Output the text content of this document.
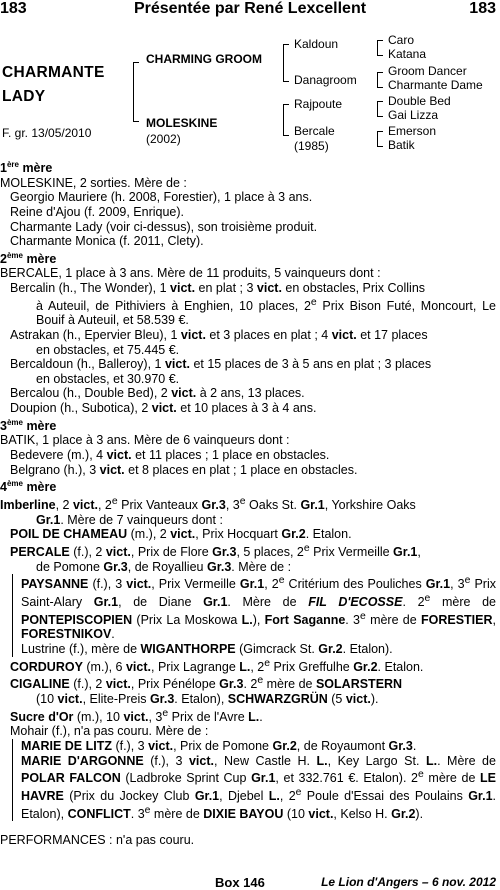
183	Présentée par René Lexcellent	183
CHARMANTE
LADY
F. gr. 13/05/2010
CHARMING GROOM
MOLESKINE
(2002)
Kaldoun
Danagroom
Rajpoute
Bercale
(1985)
Caro
Katana
Groom Dancer
Charmante Dame
Double Bed
Gai Lizza
Emerson
Batik

1ère mère

MOLESKINE, 2 sorties. Mère de :

Georgio Mauriere (h. 2008, Forestier), 1 place à 3 ans.

Reine d'Ajou (f. 2009, Enrique).

Charmante Lady (voir ci-dessus), son troisième produit.

Charmante Monica (f. 2011, Clety).

2ème mère

BERCALE, 1 place à 3 ans. Mère de 11 produits, 5 vainqueurs dont :

Bercalin (h., The Wonder), 1 vict. en plat ; 3 vict. en obstacles, Prix Collins

à Auteuil, de Pithiviers à Enghien, 10 places, 2e Prix Bison Futé, Moncourt, Le Bouif à Auteuil, et 58.539 €.

Astrakan (h., Epervier Bleu), 1 vict. et 3 places en plat ; 4 vict. et 17 places

en obstacles, et 75.445 €.

Bercaldoun (h., Balleroy), 1 vict. et 15 places de 3 à 5 ans en plat ; 3 places

en obstacles, et 30.970 €.

Bercalou (h., Double Bed), 2 vict. à 2 ans, 13 places.

Doupion (h., Subotica), 2 vict. et 10 places à 3 à 4 ans.

3ème mère

BATIK, 1 place à 3 ans. Mère de 6 vainqueurs dont :

Bedevere (m.), 4 vict. et 11 places ; 1 place en obstacles.

Belgrano (h.), 3 vict. et 8 places en plat ; 1 place en obstacles.

4ème mère

Imberline, 2 vict., 2e Prix Vanteaux Gr.3, 3e Oaks St. Gr.1, Yorkshire Oaks

Gr.1. Mère de 7 vainqueurs dont :

POIL DE CHAMEAU (m.), 2 vict., Prix Hocquart Gr.2. Etalon.

PERCALE (f.), 2 vict., Prix de Flore Gr.3, 5 places, 2e Prix Vermeille Gr.1,

de Pomone Gr.3, de Royallieu Gr.3. Mère de :

PAYSANNE (f.), 3 vict., Prix Vermeille Gr.1, 2e Critérium des Pouliches Gr.1, 3e Prix Saint-Alary Gr.1, de Diane Gr.1. Mère de FIL D'ECOSSE. 2e mère de PONTEPISCOPIEN (Prix La Moskowa L.), Fort Saganne. 3e mère de FORESTIER, FORESTNIKOV.

Lustrine (f.), mère de WIGANTHORPE (Gimcrack St. Gr.2. Etalon).

CORDUROY (m.), 6 vict., Prix Lagrange L., 2e Prix Greffulhe Gr.2. Etalon.

CIGALINE (f.), 2 vict., Prix Pénélope Gr.3. 2e mère de SOLARSTERN

(10 vict., Elite-Preis Gr.3. Etalon), SCHWARZGRÜN (5 vict.).

Sucre d'Or (m.), 10 vict., 3e Prix de l'Avre L..

Mohair (f.), n'a pas couru. Mère de :

MARIE DE LITZ (f.), 3 vict., Prix de Pomone Gr.2, de Royaumont Gr.3.

MARIE D'ARGONNE (f.), 3 vict., New Castle H. L., Key Largo St. L.. Mère de POLAR FALCON (Ladbroke Sprint Cup Gr.1, et 332.761 €. Etalon). 2e mère de LE HAVRE (Prix du Jockey Club Gr.1, Djebel L., 2e Poule d'Essai des Poulains Gr.1. Etalon), CONFLICT. 3e mère de DIXIE BAYOU (10 vict., Kelso H. Gr.2).

PERFORMANCES : n'a pas couru.

Box 146	Le Lion d'Angers – 6 nov. 2012
